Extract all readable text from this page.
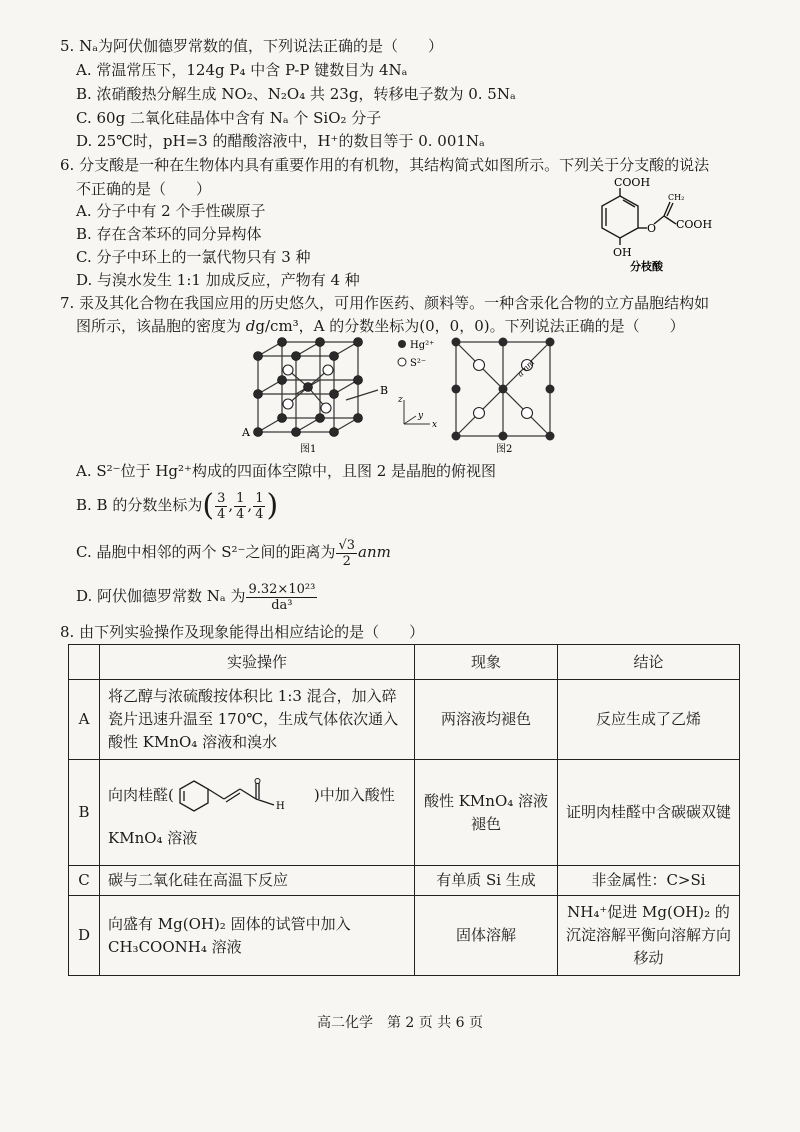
5. Nₐ为阿伏伽德罗常数的值，下列说法正确的是（　　）
A. 常温常压下，124g P₄ 中含 P-P 键数目为 4Nₐ
B. 浓硝酸热分解生成 NO₂、N₂O₄ 共 23g，转移电子数为 0. 5Nₐ
C. 60g 二氧化硅晶体中含有 Nₐ 个 SiO₂ 分子
D. 25℃时，pH=3 的醋酸溶液中，H⁺的数目等于 0. 001Nₐ
6. 分支酸是一种在生物体内具有重要作用的有机物，其结构简式如图所示。下列关于分支酸的说法
不正确的是（　　）
A. 分子中有 2 个手性碳原子
B. 存在含苯环的同分异构体
C. 分子中环上的一氯代物只有 3 种
D. 与溴水发生 1:1 加成反应，产物有 4 种
COOH
CH₂
O COOH
OH
分枝酸
7. 汞及其化合物在我国应用的历史悠久，可用作医药、颜料等。一种含汞化合物的立方晶胞结构如
图所示，该晶胞的密度为 dg/cm³，A 的分数坐标为(0，0，0)。下列说法正确的是（　　）
A
B
图1
Hg²⁺
S²⁻
z
y
x
a nm
图2
A. S²⁻位于 Hg²⁺构成的四面体空隙中，且图 2 是晶胞的俯视图
B. B 的分数坐标为( $\frac{3}{4}$ , $\frac{1}{4}$ , $\frac{1}{4}$ )
C. 晶胞中相邻的两个 S²⁻之间的距离为 $\frac{√3}{2}$ anm
D. 阿伏伽德罗常数 Nₐ 为 $\frac{\text{9.32×10²³}}{\text{da³}}$
8. 由下列实验操作及现象能得出相应结论的是（　　）
	实验操作	现象	结论
A	将乙醇与浓硫酸按体积比 1:3 混合，加入碎瓷片迅速升温至 170℃，生成气体依次通入酸性 KMnO₄ 溶液和溴水	两溶液均褪色	反应生成了乙烯
B	向肉桂醛(
H
)中加入酸性
KMnO₄ 溶液	酸性 KMnO₄ 溶液褪色	证明肉桂醛中含碳碳双键
C	碳与二氧化硅在高温下反应	有单质 Si 生成	非金属性：C>Si
D	向盛有 Mg(OH)₂ 固体的试管中加入 CH₃COONH₄ 溶液	固体溶解	NH₄⁺促进 Mg(OH)₂ 的沉淀溶解平衡向溶解方向移动
高二化学　第 2 页 共 6 页
